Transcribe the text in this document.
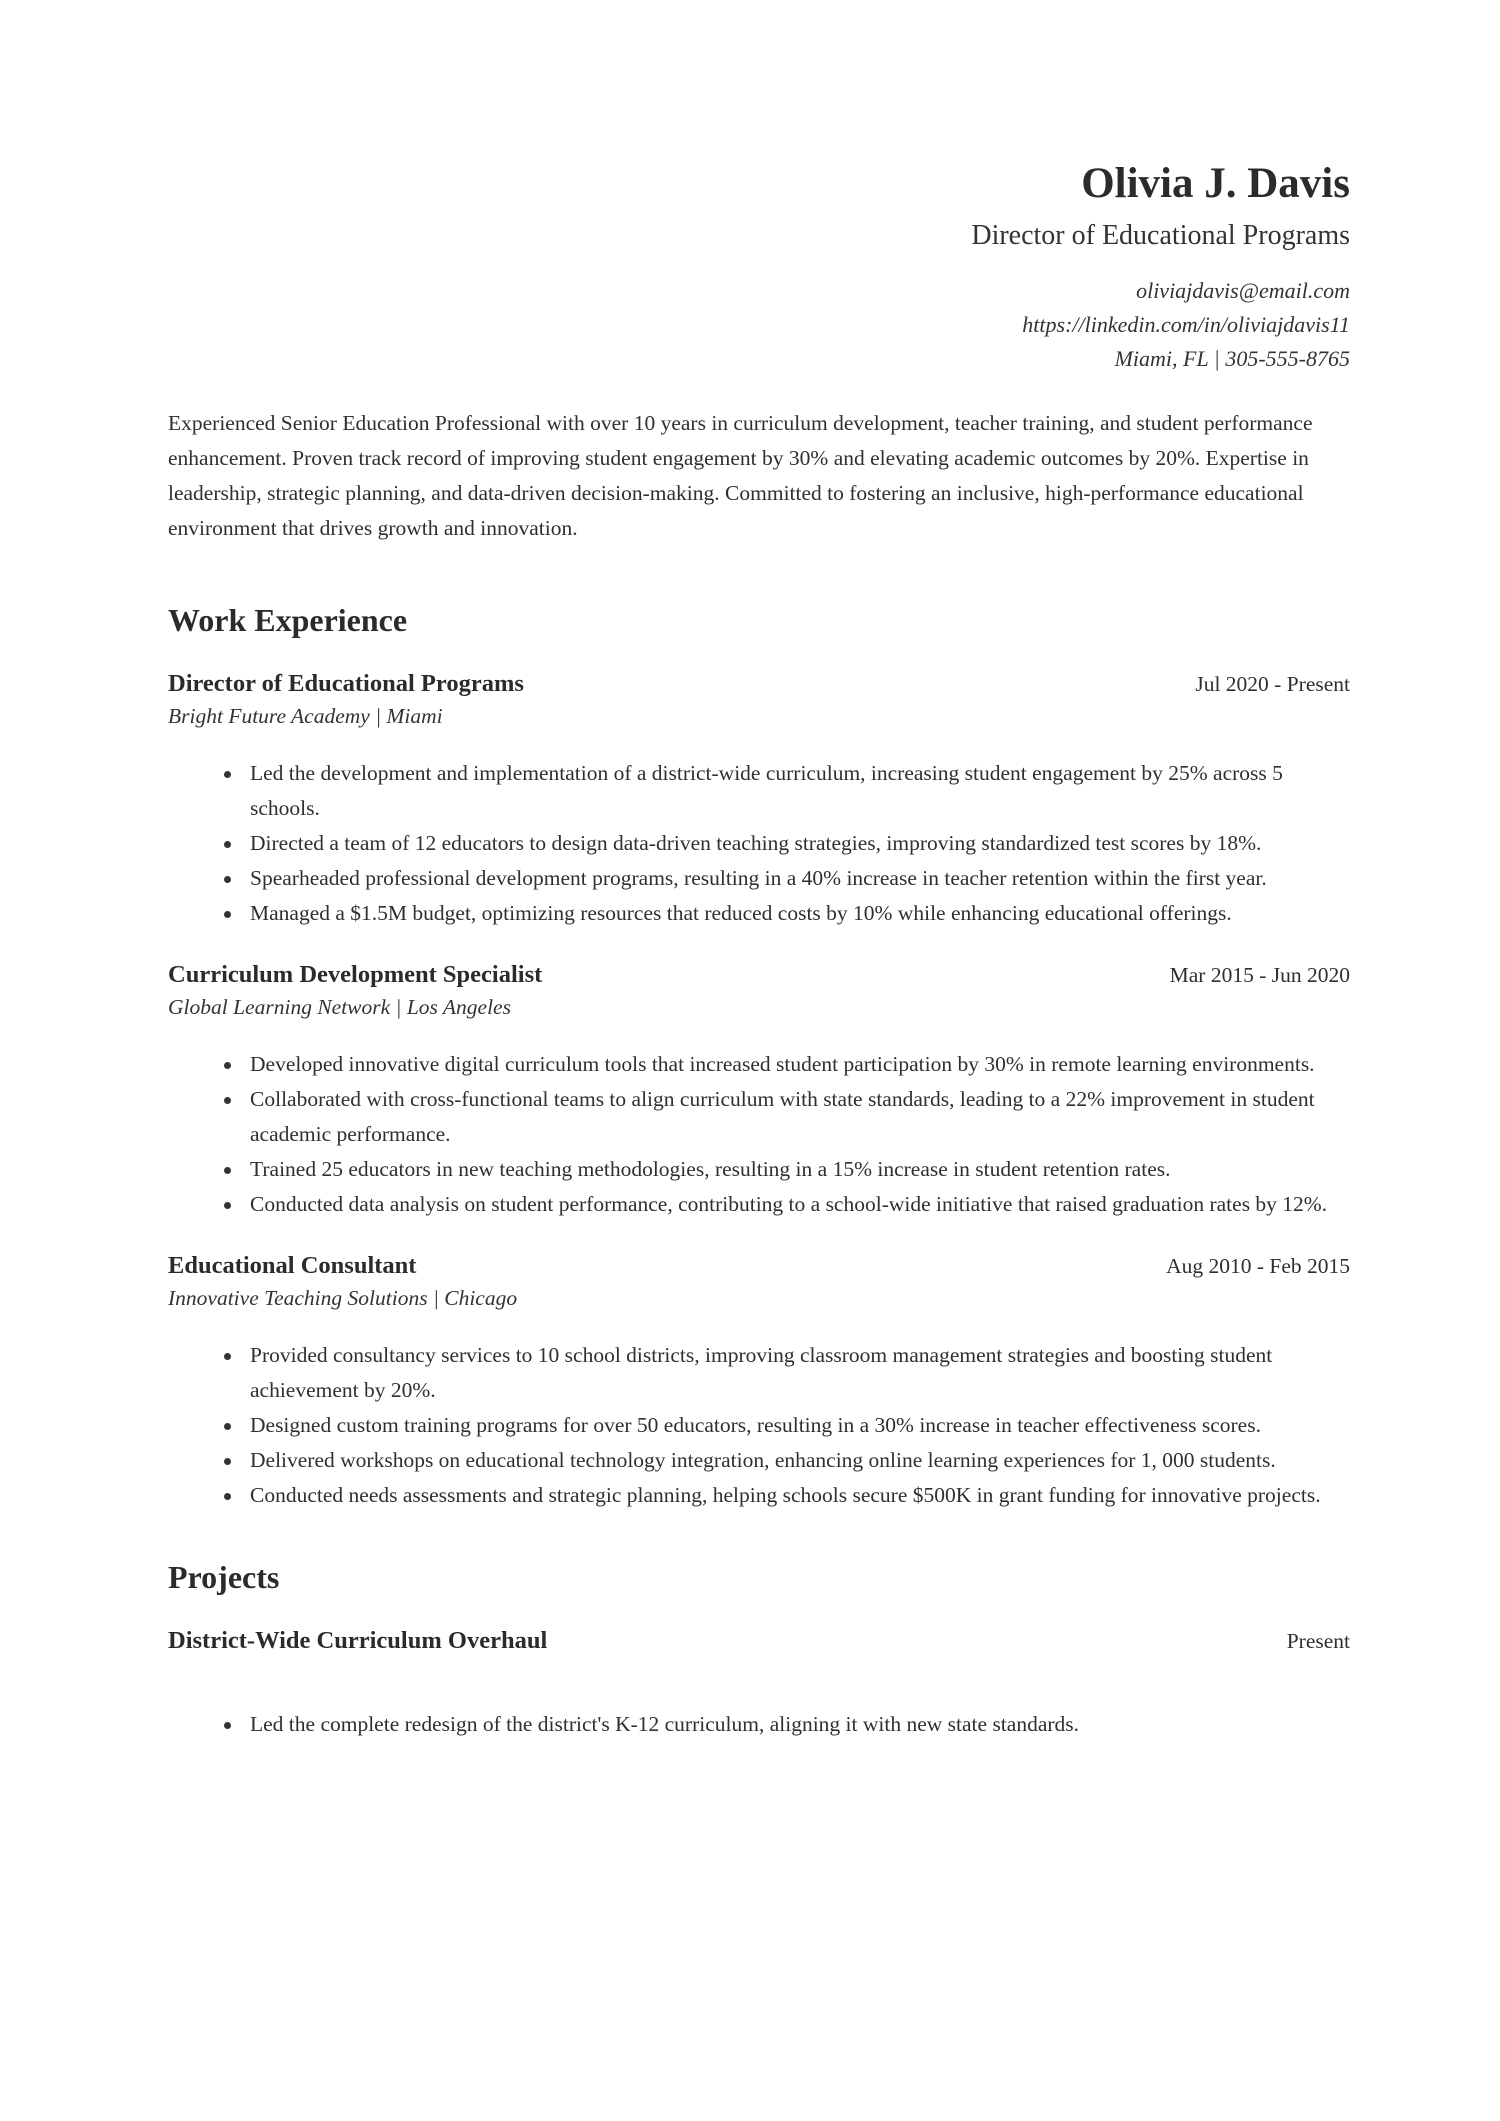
Olivia J. Davis
Director of Educational Programs
oliviajdavis@email.com
https://linkedin.com/in/oliviajdavis11
Miami, FL | 305-555-8765
Experienced Senior Education Professional with over 10 years in curriculum development, teacher training, and student performance enhancement. Proven track record of improving student engagement by 30% and elevating academic outcomes by 20%. Expertise in leadership, strategic planning, and data-driven decision-making. Committed to fostering an inclusive, high-performance educational environment that drives growth and innovation.
Work Experience
Director of Educational Programs	Jul 2020 - Present
Bright Future Academy | Miami
Led the development and implementation of a district-wide curriculum, increasing student engagement by 25% across 5 schools.
Directed a team of 12 educators to design data-driven teaching strategies, improving standardized test scores by 18%.
Spearheaded professional development programs, resulting in a 40% increase in teacher retention within the first year.
Managed a $1.5M budget, optimizing resources that reduced costs by 10% while enhancing educational offerings.
Curriculum Development Specialist	Mar 2015 - Jun 2020
Global Learning Network | Los Angeles
Developed innovative digital curriculum tools that increased student participation by 30% in remote learning environments.
Collaborated with cross-functional teams to align curriculum with state standards, leading to a 22% improvement in student academic performance.
Trained 25 educators in new teaching methodologies, resulting in a 15% increase in student retention rates.
Conducted data analysis on student performance, contributing to a school-wide initiative that raised graduation rates by 12%.
Educational Consultant	Aug 2010 - Feb 2015
Innovative Teaching Solutions | Chicago
Provided consultancy services to 10 school districts, improving classroom management strategies and boosting student achievement by 20%.
Designed custom training programs for over 50 educators, resulting in a 30% increase in teacher effectiveness scores.
Delivered workshops on educational technology integration, enhancing online learning experiences for 1, 000 students.
Conducted needs assessments and strategic planning, helping schools secure $500K in grant funding for innovative projects.
Projects
District-Wide Curriculum Overhaul	Present
Led the complete redesign of the district's K-12 curriculum, aligning it with new state standards.
